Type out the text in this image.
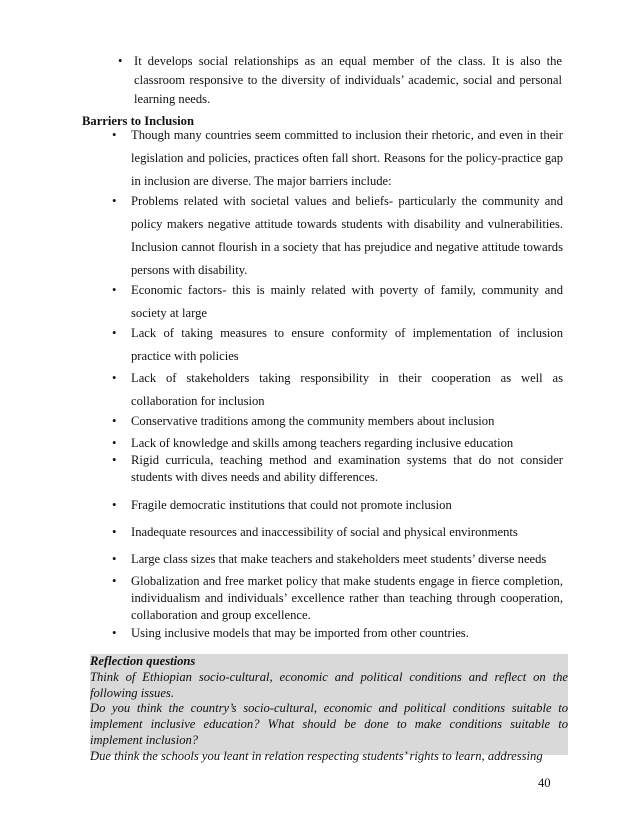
• It develops social relationships as an equal member of the class. It is also the classroom responsive to the diversity of individuals’ academic, social and personal learning needs.
Barriers to Inclusion
• Though many countries seem committed to inclusion their rhetoric, and even in their legislation and policies, practices often fall short. Reasons for the policy-practice gap in inclusion are diverse. The major barriers include:
• Problems related with societal values and beliefs- particularly the community and policy makers negative attitude towards students with disability and vulnerabilities. Inclusion cannot flourish in a society that has prejudice and negative attitude towards persons with disability.
• Economic factors- this is mainly related with poverty of family, community and society at large
• Lack of taking measures to ensure conformity of implementation of inclusion practice with policies
• Lack of stakeholders taking responsibility in their cooperation as well as collaboration for inclusion
• Conservative traditions among the community members about inclusion
• Lack of knowledge and skills among teachers regarding inclusive education
• Rigid curricula, teaching method and examination systems that do not consider students with dives needs and ability differences.
• Fragile democratic institutions that could not promote inclusion
• Inadequate resources and inaccessibility of social and physical environments
• Large class sizes that make teachers and stakeholders meet students’ diverse needs
• Globalization and free market policy that make students engage in fierce completion, individualism and individuals’ excellence rather than teaching through cooperation, collaboration and group excellence.
• Using inclusive models that may be imported from other countries.
Reflection questions
Think of Ethiopian socio-cultural, economic and political conditions and reflect on the following issues.
Do you think the country’s socio-cultural, economic and political conditions suitable to implement inclusive education? What should be done to make conditions suitable to implement inclusion?
Due think the schools you leant in relation respecting students’ rights to learn, addressing
40
